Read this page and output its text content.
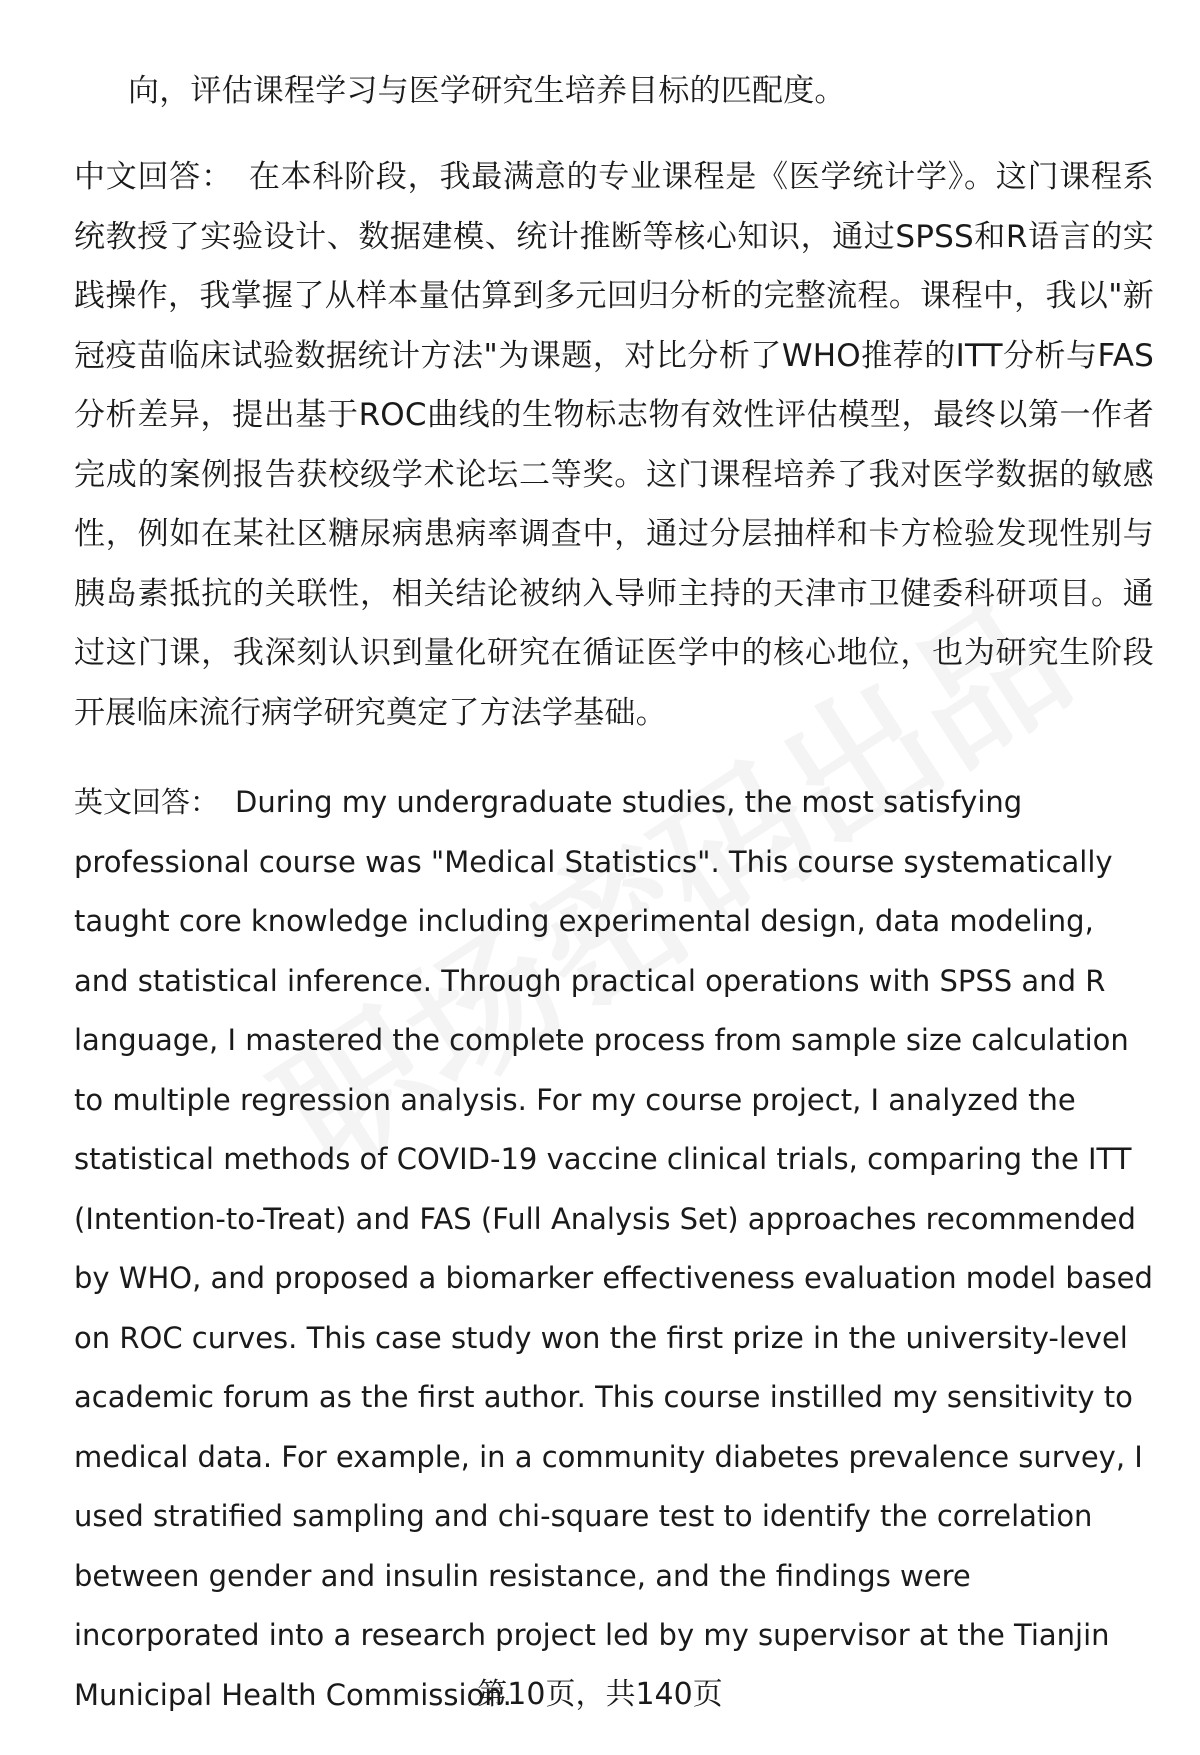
向，评估课程学习与医学研究生培养目标的匹配度。

中文回答： 在本科阶段，我最满意的专业课程是《医学统计学》。这门课程系统教授了实验设计、数据建模、统计推断等核心知识，通过SPSS和R语言的实践操作，我掌握了从样本量估算到多元回归分析的完整流程。课程中，我以"新冠疫苗临床试验数据统计方法"为课题，对比分析了WHO推荐的ITT分析与FAS分析差异，提出基于ROC曲线的生物标志物有效性评估模型，最终以第一作者完成的案例报告获校级学术论坛二等奖。这门课程培养了我对医学数据的敏感性，例如在某社区糖尿病患病率调查中，通过分层抽样和卡方检验发现性别与胰岛素抵抗的关联性，相关结论被纳入导师主持的天津市卫健委科研项目。通过这门课，我深刻认识到量化研究在循证医学中的核心地位，也为研究生阶段开展临床流行病学研究奠定了方法学基础。

英文回答： During my undergraduate studies, the most satisfying professional course was "Medical Statistics". This course systematically taught core knowledge including experimental design, data modeling, and statistical inference. Through practical operations with SPSS and R language, I mastered the complete process from sample size calculation to multiple regression analysis. For my course project, I analyzed the statistical methods of COVID-19 vaccine clinical trials, comparing the ITT (Intention-to-Treat) and FAS (Full Analysis Set) approaches recommended by WHO, and proposed a biomarker effectiveness evaluation model based on ROC curves. This case study won the first prize in the university-level academic forum as the first author. This course instilled my sensitivity to medical data. For example, in a community diabetes prevalence survey, I used stratified sampling and chi-square test to identify the correlation between gender and insulin resistance, and the findings were incorporated into a research project led by my supervisor at the Tianjin Municipal Health Commission.

第10页，共140页
